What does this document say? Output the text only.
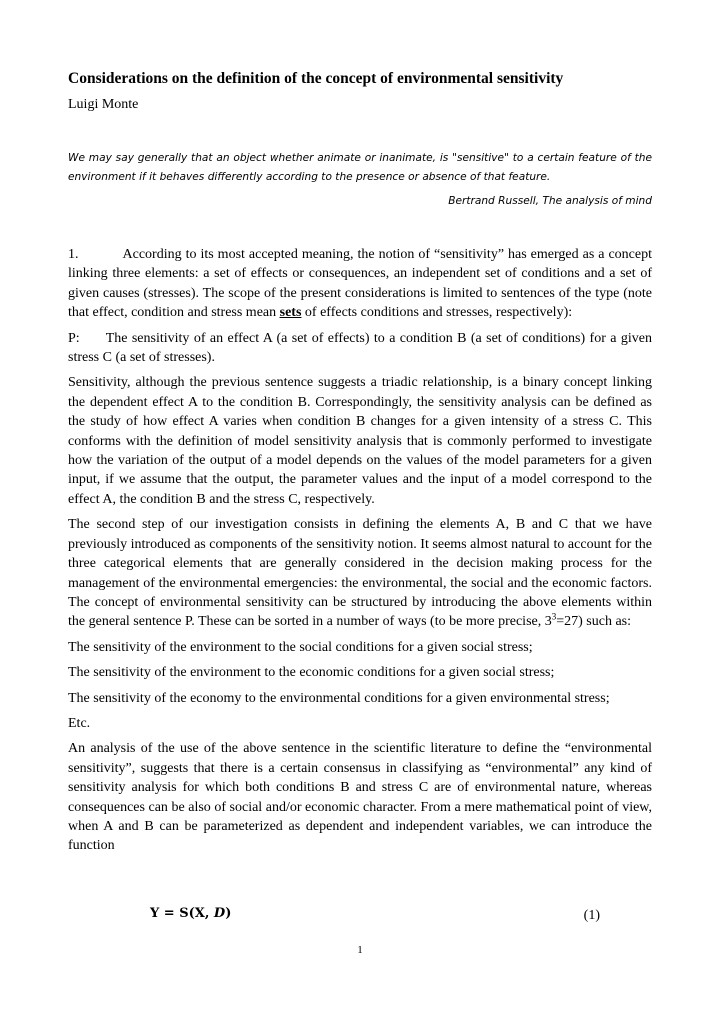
Considerations on the definition of the concept of environmental sensitivity
Luigi Monte
We may say generally that an object whether animate or inanimate, is "sensitive" to a certain feature of the environment if it behaves differently according to the presence or absence of that feature.
Bertrand Russell, The analysis of mind

1.	According to its most accepted meaning, the notion of “sensitivity” has emerged as a concept linking three elements: a set of effects or consequences, an independent set of conditions and a set of given causes (stresses). The scope of the present considerations is limited to sentences of the type (note that effect, condition and stress mean sets of effects conditions and stresses, respectively):

P: The sensitivity of an effect A (a set of effects) to a condition B (a set of conditions) for a given stress C (a set of stresses).

Sensitivity, although the previous sentence suggests a triadic relationship, is a binary concept linking the dependent effect A to the condition B. Correspondingly, the sensitivity analysis can be defined as the study of how effect A varies when condition B changes for a given intensity of a stress C. This conforms with the definition of model sensitivity analysis that is commonly performed to investigate how the variation of the output of a model depends on the values of the model parameters for a given input, if we assume that the output, the parameter values and the input of a model correspond to the effect A, the condition B and the stress C, respectively.

The second step of our investigation consists in defining the elements A, B and C that we have previously introduced as components of the sensitivity notion. It seems almost natural to account for the three categorical elements that are generally considered in the decision making process for the management of the environmental emergencies: the environmental, the social and the economic factors. The concept of environmental sensitivity can be structured by introducing the above elements within the general sentence P. These can be sorted in a number of ways (to be more precise, $3^3=27$) such as:

The sensitivity of the environment to the social conditions for a given social stress;

The sensitivity of the environment to the economic conditions for a given social stress;

The sensitivity of the economy to the environmental conditions for a given environmental stress;

Etc.

An analysis of the use of the above sentence in the scientific literature to define the “environmental sensitivity”, suggests that there is a certain consensus in classifying as “environmental” any kind of sensitivity analysis for which both conditions B and stress C are of environmental nature, whereas consequences can be also of social and/or economic character. From a mere mathematical point of view, when A and B can be parameterized as dependent and independent variables, we can introduce the function

Y = S(X, D)	(1)
1
